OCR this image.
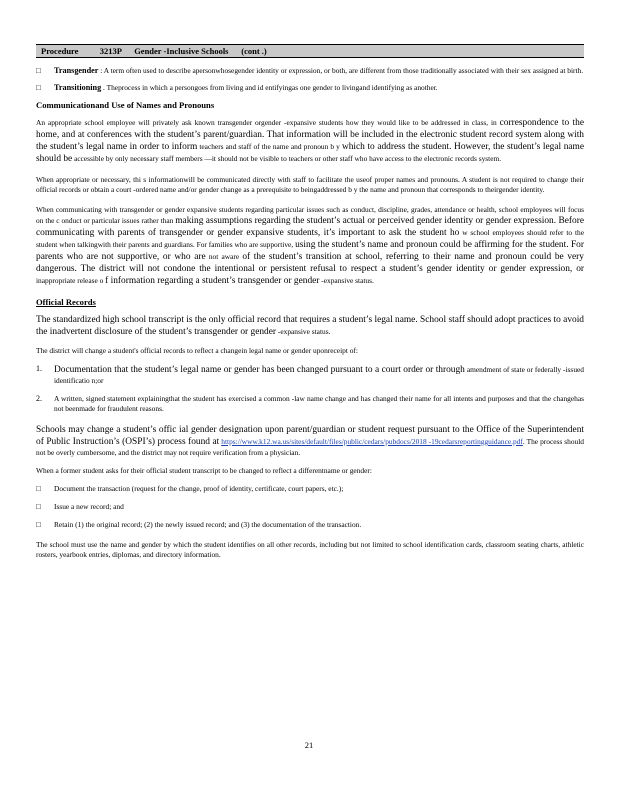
Procedure	3213P Gender -Inclusive Schools (cont .)
□	Transgender : A term often used to describe apersonwhosegender identity or expression, or both, are different from those traditionally associated with their sex assigned at birth.
□	Transitioning . Theprocess in which a persongoes from living and id entifyingas one gender to livingand identifying as another.
Communicationand Use of Names and Pronouns

An appropriate school employee will privately ask known transgender orgender -expansive students how they would like to be addressed in class, in correspondence to the home, and at conferences with the student’s parent/guardian. That information will be included in the electronic student record system along with the student’s legal name in order to inform teachers and staff of the name and pronoun b y which to address the student. However, the student’s legal name should be accessible by only necessary staff members —it should not be visible to teachers or other staff who have access to the electronic records system.

When appropriate or necessary, thi s informationwill be communicated directly with staff to facilitate the useof proper names and pronouns. A student is not required to change their official records or obtain a court -ordered name and/or gender change as a prerequisite to beingaddressed b y the name and pronoun that corresponds to theirgender identity.

When communicating with transgender or gender expansive students regarding particular issues such as conduct, discipline, grades, attendance or health, school employees will focus on the c onduct or particular issues rather than making assumptions regarding the student’s actual or perceived gender identity or gender expression. Before communicating with parents of transgender or gender expansive students, it’s important to ask the student ho w school employees should refer to the student when talkingwith their parents and guardians. For families who are supportive, using the student’s name and pronoun could be affirming for the student. For parents who are not supportive, or who are not aware of the student’s transition at school, referring to their name and pronoun could be very dangerous. The district will not condone the intentional or persistent refusal to respect a student’s gender identity or gender expression, or inappropriate release o f information regarding a student’s transgender or gender -expansive status.

Official Records

The standardized high school transcript is the only official record that requires a student’s legal name. School staff should adopt practices to avoid the inadvertent disclosure of the student’s transgender or gender -expansive status.

The district will change a student's official records to reflect a changein legal name or gender uponreceipt of:

1.	Documentation that the student’s legal name or gender has been changed pursuant to a court order or through amendment of state or federally -issued identificatio n;or
2.	A written, signed statement explainingthat the student has exercised a common -law name change and has changed their name for all intents and purposes and that the changehas not beenmade for fraudulent reasons.

Schools may change a student’s offic ial gender designation upon parent/guardian or student request pursuant to the Office of the Superintendent of Public Instruction’s (OSPI’s) process found at https://www.k12.wa.us/sites/default/files/public/cedars/pubdocs/2018 -19cedarsreportingguidance.pdf. The process should not be overly cumbersome, and the district may not require verification from a physician.

When a former student asks for their official student transcript to be changed to reflect a differentname or gender:

□	Document the transaction (request for the change, proof of identity, certificate, court papers, etc.);
□	Issue a new record; and
□	Retain (1) the original record; (2) the newly issued record; and (3) the documentation of the transaction.

The school must use the name and gender by which the student identifies on all other records, including but not limited to school identification cards, classroom seating charts, athletic rosters, yearbook entries, diplomas, and directory information.

21
